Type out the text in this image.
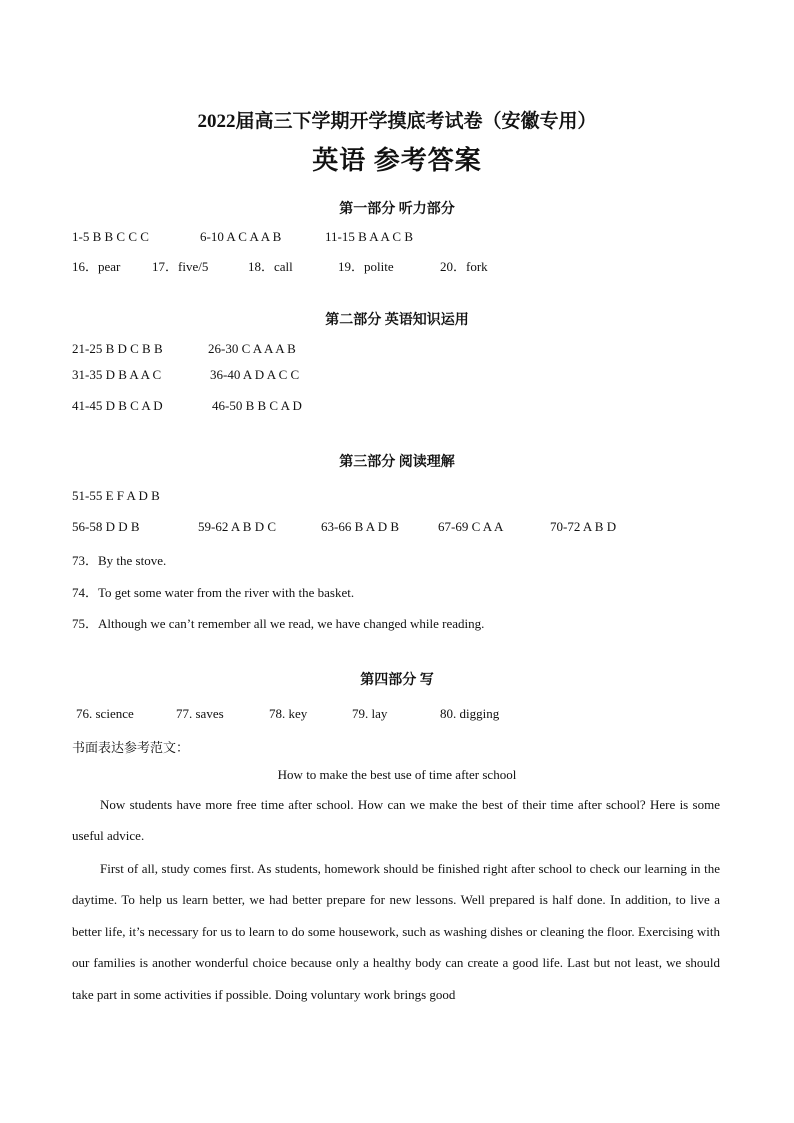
2022届高三下学期开学摸底考试卷（安徽专用）
英语 参考答案
第一部分 听力部分
1-5 B B C C C	6-10 A C A A B	11-15 B A A C B
16．pear 17．five/5	18．call	19．polite	20．fork
第二部分 英语知识运用
21-25 B D C B B	26-30 C A A A B
31-35 D B A A C	36-40 A D A C C
41-45 D B C A D	46-50 B B C A D
第三部分 阅读理解
51-55 E F A D B
56-58 D D B	59-62 A B D C	63-66 B A D B	67-69 C A A	70-72 A B D
73．By the stove.
74．To get some water from the river with the basket.
75．Although we can’t remember all we read, we have changed while reading.
第四部分 写
76. science	77. saves	78. key	79. lay	80. digging
书面表达参考范文：
How to make the best use of time after school
Now students have more free time after school. How can we make the best of their time after school? Here is some useful advice.
First of all, study comes first. As students, homework should be finished right after school to check our learning in the daytime. To help us learn better, we had better prepare for new lessons. Well prepared is half done. In addition, to live a better life, it’s necessary for us to learn to do some housework, such as washing dishes or cleaning the floor. Exercising with our families is another wonderful choice because only a healthy body can create a good life. Last but not least, we should take part in some activities if possible. Doing voluntary work brings good
